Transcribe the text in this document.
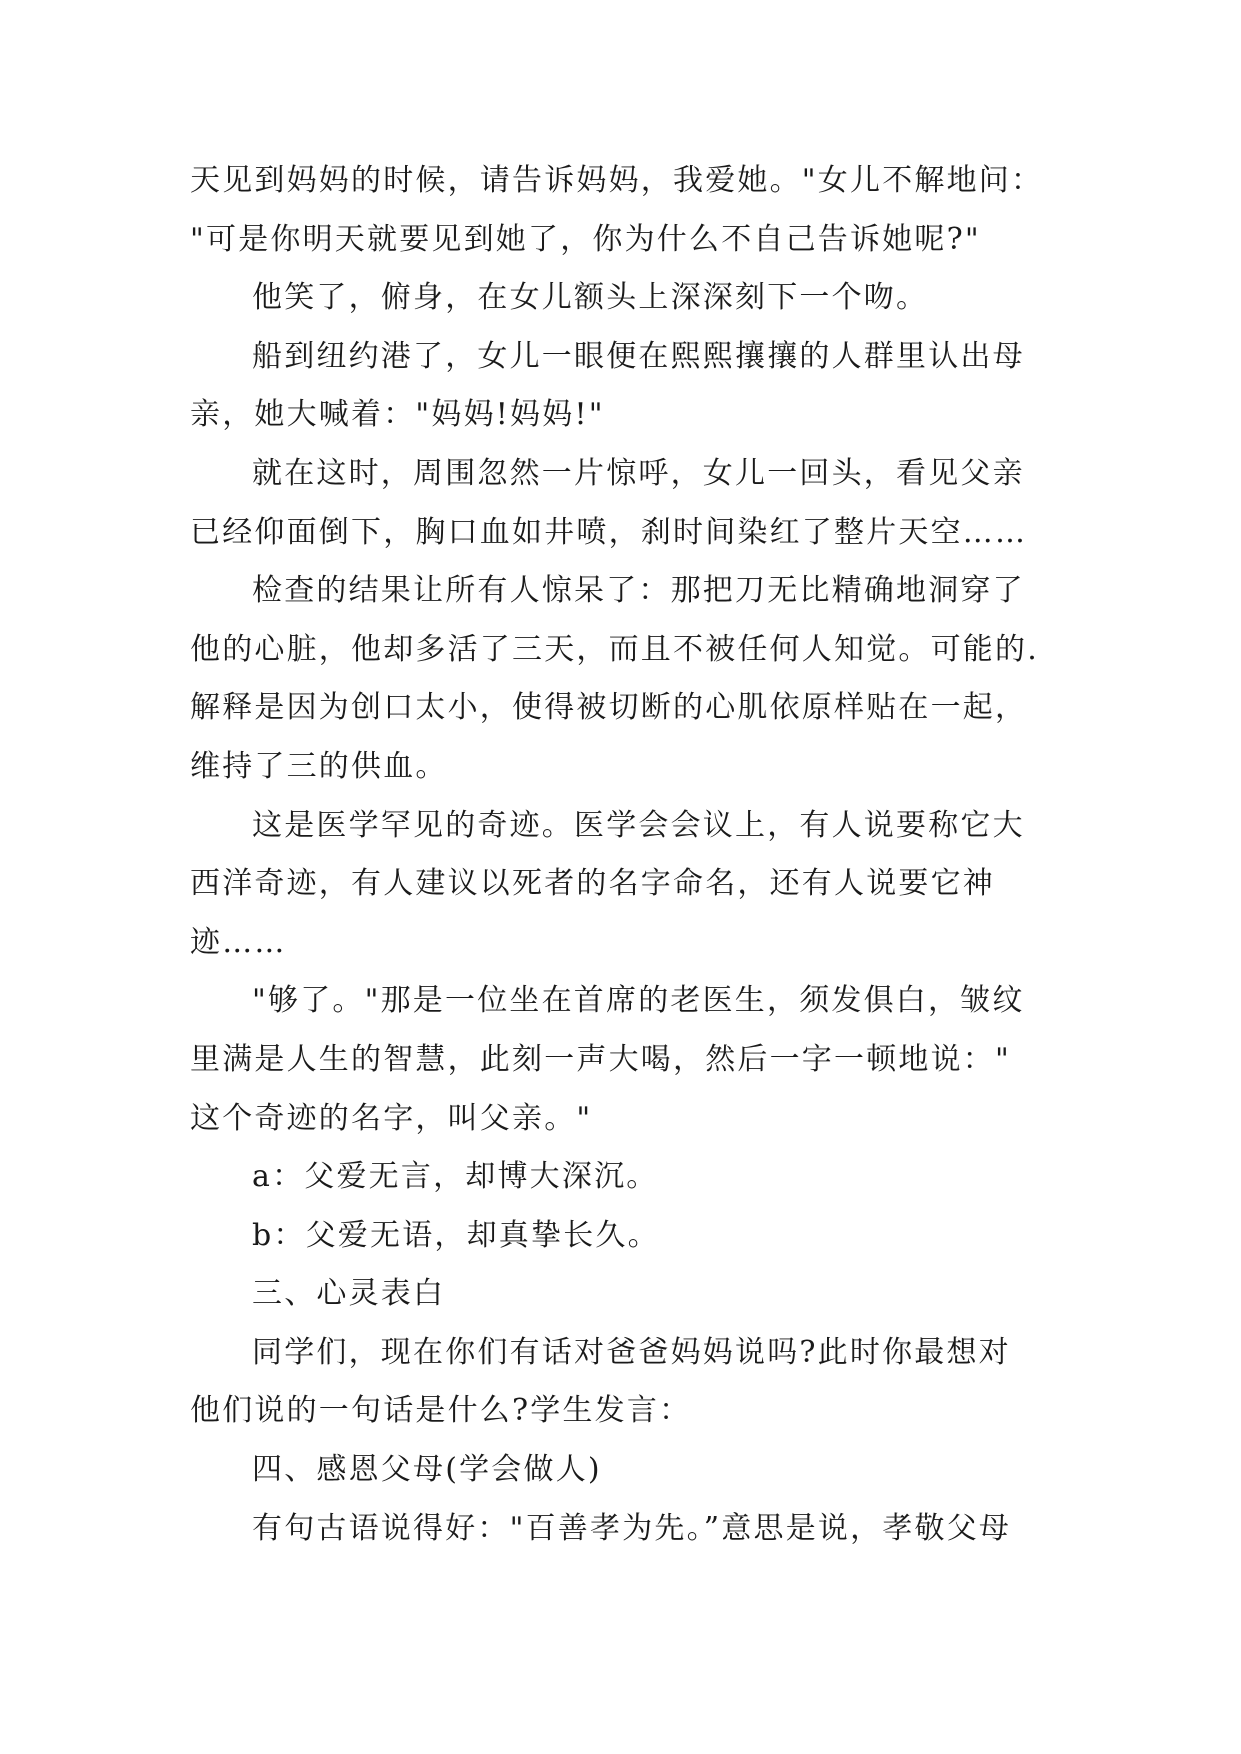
天见到妈妈的时候，请告诉妈妈，我爱她。"女儿不解地问：
"可是你明天就要见到她了，你为什么不自己告诉她呢?"
他笑了，俯身，在女儿额头上深深刻下一个吻。
船到纽约港了，女儿一眼便在熙熙攘攘的人群里认出母
亲，她大喊着："妈妈!妈妈!"
就在这时，周围忽然一片惊呼，女儿一回头，看见父亲
已经仰面倒下，胸口血如井喷，刹时间染红了整片天空……
检查的结果让所有人惊呆了：那把刀无比精确地洞穿了
他的心脏，他却多活了三天，而且不被任何人知觉。可能的.
解释是因为创口太小，使得被切断的心肌依原样贴在一起，
维持了三的供血。
这是医学罕见的奇迹。医学会会议上，有人说要称它大
西洋奇迹，有人建议以死者的名字命名，还有人说要它神
迹……
"够了。"那是一位坐在首席的老医生，须发俱白，皱纹
里满是人生的智慧，此刻一声大喝，然后一字一顿地说："
这个奇迹的名字，叫父亲。"
a：父爱无言，却博大深沉。
b：父爱无语，却真挚长久。
三、心灵表白
同学们，现在你们有话对爸爸妈妈说吗?此时你最想对
他们说的一句话是什么?学生发言：
四、感恩父母(学会做人)
有句古语说得好："百善孝为先。”意思是说，孝敬父母
